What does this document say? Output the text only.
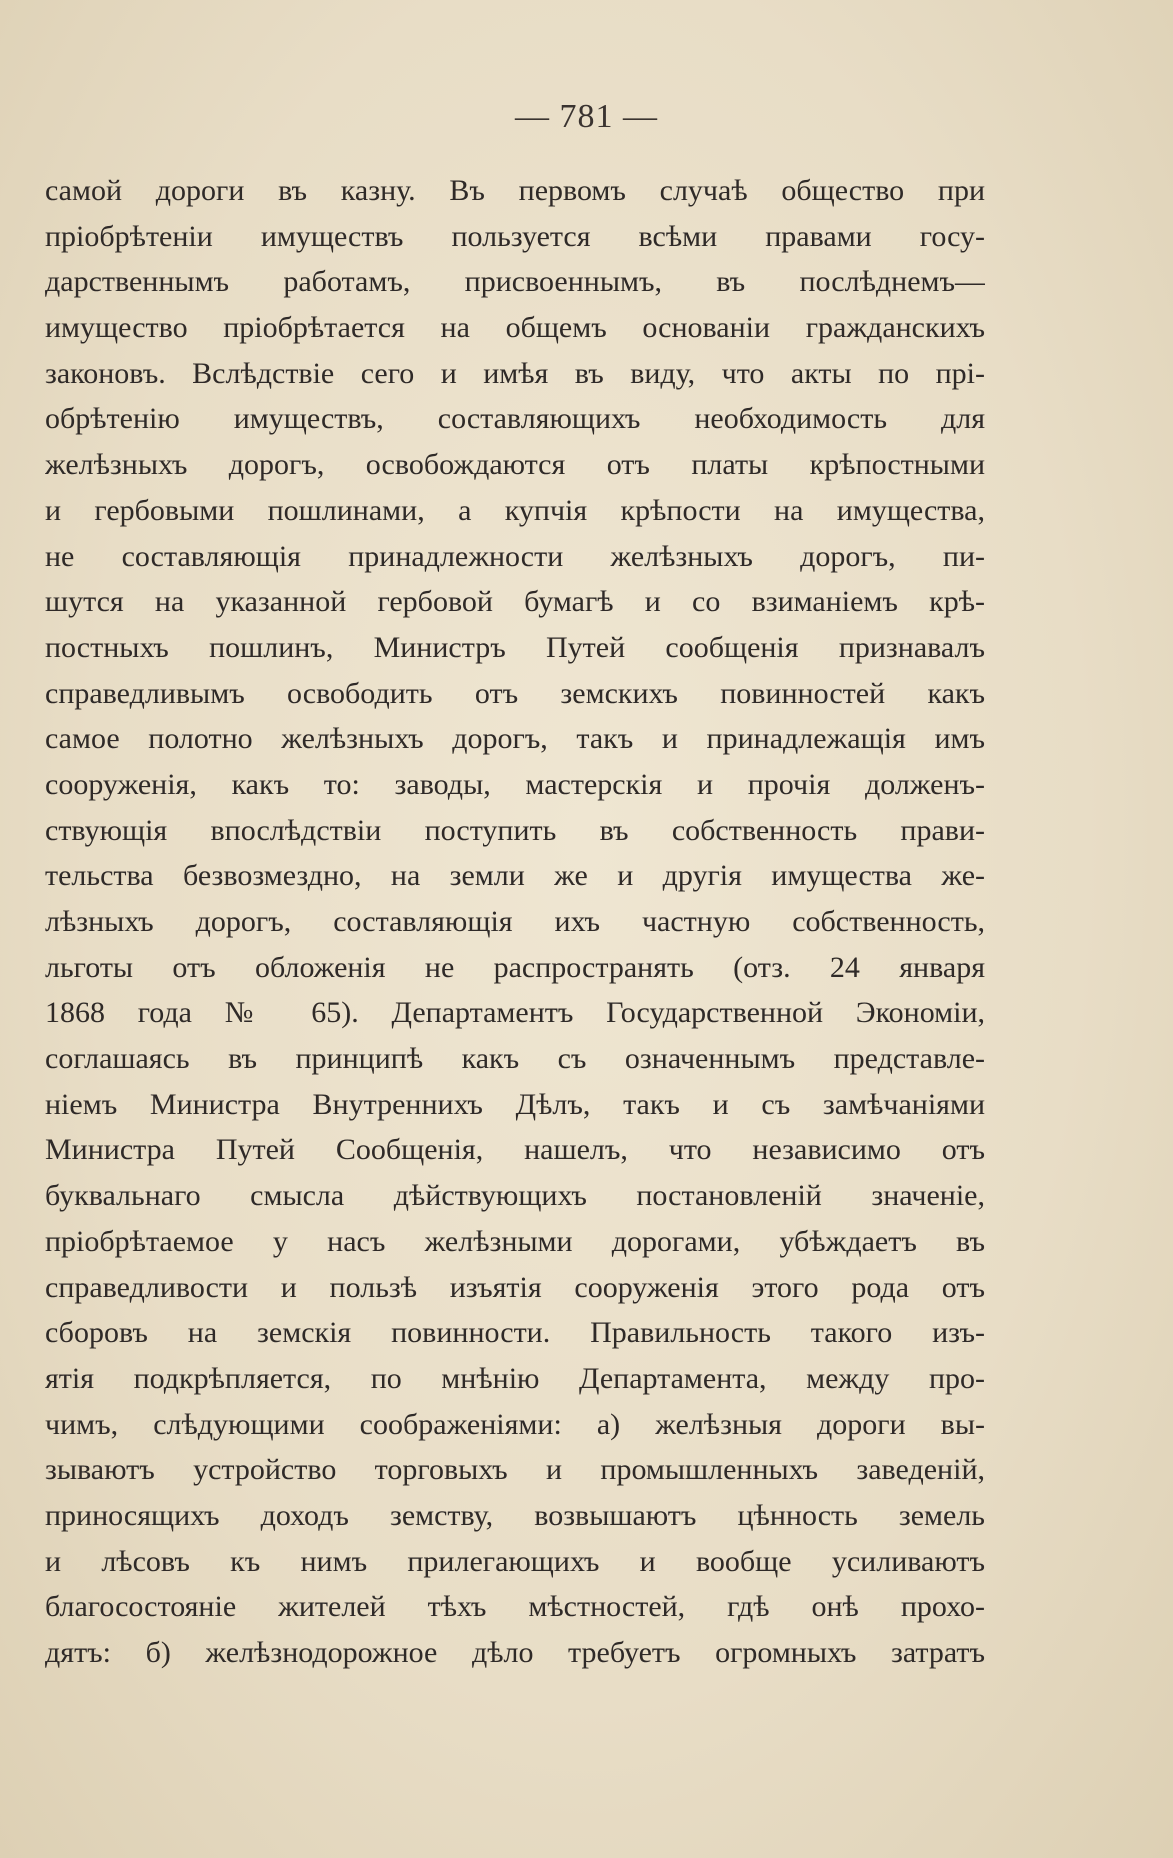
— 781 —
самой дороги въ казну. Въ первомъ случаѣ общество при
пріобрѣтеніи имуществъ пользуется всѣми правами госу-
дарственнымъ работамъ, присвоеннымъ, въ послѣднемъ—
имущество пріобрѣтается на общемъ основаніи гражданскихъ
законовъ. Вслѣдствіе сего и имѣя въ виду, что акты по прі-
обрѣтенію имуществъ, составляющихъ необходимость для
желѣзныхъ дорогъ, освобождаются отъ платы крѣпостными
и гербовыми пошлинами, а купчія крѣпости на имущества,
не составляющія принадлежности желѣзныхъ дорогъ, пи-
шутся на указанной гербовой бумагѣ и со взиманіемъ крѣ-
постныхъ пошлинъ, Министръ Путей сообщенія признавалъ
справедливымъ освободить отъ земскихъ повинностей какъ
самое полотно желѣзныхъ дорогъ, такъ и принадлежащія имъ
сооруженія, какъ то: заводы, мастерскія и прочія долженъ-
ствующія впослѣдствіи поступить въ собственность прави-
тельства безвозмездно, на земли же и другія имущества же-
лѣзныхъ дорогъ, составляющія ихъ частную собственность,
льготы отъ обложенія не распространять (отз. 24 января
1868 года № 65). Департаментъ Государственной Экономіи,
соглашаясь въ принципѣ какъ съ означеннымъ представле-
ніемъ Министра Внутреннихъ Дѣлъ, такъ и съ замѣчаніями
Министра Путей Сообщенія, нашелъ, что независимо отъ
буквальнаго смысла дѣйствующихъ постановленій значеніе,
пріобрѣтаемое у насъ желѣзными дорогами, убѣждаетъ въ
справедливости и пользѣ изъятія сооруженія этого рода отъ
сборовъ на земскія повинности. Правильность такого изъ-
ятія подкрѣпляется, по мнѣнію Департамента, между про-
чимъ, слѣдующими соображеніями: а) желѣзныя дороги вы-
зываютъ устройство торговыхъ и промышленныхъ заведеній,
приносящихъ доходъ земству, возвышаютъ цѣнность земель
и лѣсовъ къ нимъ прилегающихъ и вообще усиливаютъ
благосостояніе жителей тѣхъ мѣстностей, гдѣ онѣ прохо-
дятъ: б) желѣзнодорожное дѣло требуетъ огромныхъ затратъ
